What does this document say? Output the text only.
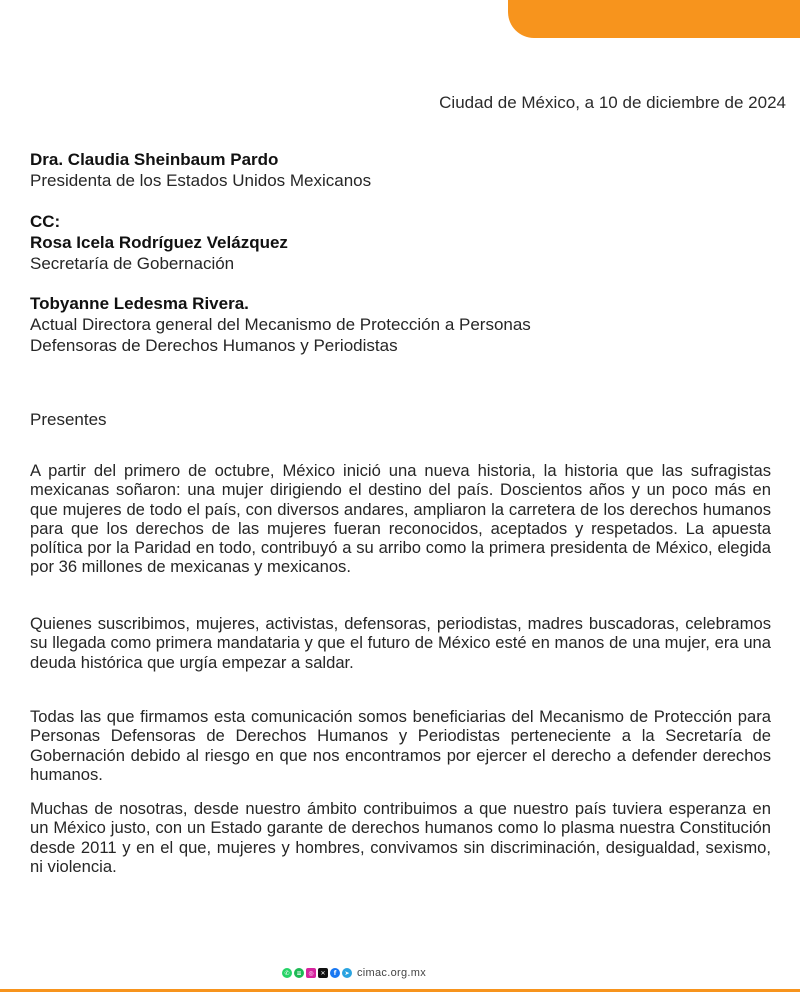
Ciudad de México, a 10 de diciembre de 2024
Dra. Claudia Sheinbaum Pardo
Presidenta de los Estados Unidos Mexicanos
CC:
Rosa Icela Rodríguez Velázquez
Secretaría de Gobernación
Tobyanne Ledesma Rivera.
Actual Directora general del Mecanismo de Protección a Personas
Defensoras de Derechos Humanos y Periodistas
Presentes
A partir del primero de octubre, México inició una nueva historia, la historia que las sufragistas mexicanas soñaron: una mujer dirigiendo el destino del país. Doscientos años y un poco más en que mujeres de todo el país, con diversos andares, ampliaron la carretera de los derechos humanos para que los derechos de las mujeres fueran reconocidos, aceptados y respetados. La apuesta política por la Paridad en todo, contribuyó a su arribo como la primera presidenta de México, elegida por 36 millones de mexicanas y mexicanos.
Quienes suscribimos, mujeres, activistas, defensoras, periodistas, madres buscadoras, celebramos su llegada como primera mandataria y que el futuro de México esté en manos de una mujer, era una deuda histórica que urgía empezar a saldar.
Todas las que firmamos esta comunicación somos beneficiarias del Mecanismo de Protección para Personas Defensoras de Derechos Humanos y Periodistas perteneciente a la Secretaría de Gobernación debido al riesgo en que nos encontramos por ejercer el derecho a defender derechos humanos.
Muchas de nosotras, desde nuestro ámbito contribuimos a que nuestro país tuviera esperanza en un México justo, con un Estado garante de derechos humanos como lo plasma nuestra Constitución desde 2011 y en el que, mujeres y hombres, convivamos sin discriminación, desigualdad, sexismo, ni violencia.
✆	≡	◎	✕	f	➤ cimac.org.mx
